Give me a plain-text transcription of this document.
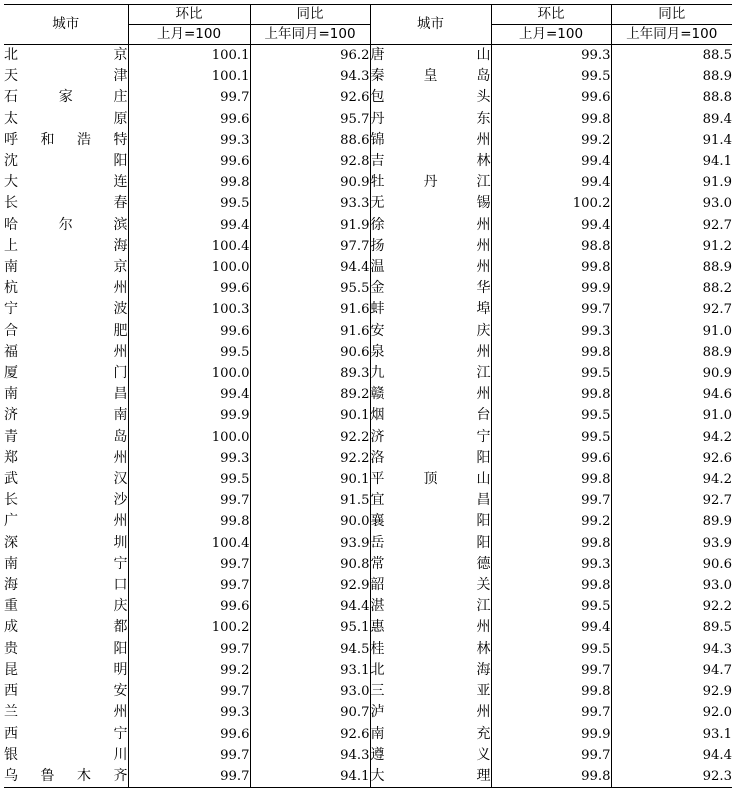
城市	环比	同比	城市	环比	同比
	上月=100	上年同月=100		上月=100	上年同月=100

北京	100.1	96.2	唐山	99.3	88.5

天津	100.1	94.3	秦皇岛	99.5	88.9

石家庄	99.7	92.6	包头	99.6	88.8

太原	99.6	95.7	丹东	99.8	89.4

呼和浩特	99.3	88.6	锦州	99.2	91.4

沈阳	99.6	92.8	吉林	99.4	94.1

大连	99.8	90.9	牡丹江	99.4	91.9

长春	99.5	93.3	无锡	100.2	93.0

哈尔滨	99.4	91.9	徐州	99.4	92.7

上海	100.4	97.7	扬州	98.8	91.2

南京	100.0	94.4	温州	99.8	88.9

杭州	99.6	95.5	金华	99.9	88.2

宁波	100.3	91.6	蚌埠	99.7	92.7

合肥	99.6	91.6	安庆	99.3	91.0

福州	99.5	90.6	泉州	99.8	88.9

厦门	100.0	89.3	九江	99.5	90.9

南昌	99.4	89.2	赣州	99.8	94.6

济南	99.9	90.1	烟台	99.5	91.0

青岛	100.0	92.2	济宁	99.5	94.2

郑州	99.3	92.2	洛阳	99.6	92.6

武汉	99.5	90.1	平顶山	99.8	94.2

长沙	99.7	91.5	宜昌	99.7	92.7

广州	99.8	90.0	襄阳	99.2	89.9

深圳	100.4	93.9	岳阳	99.8	93.9

南宁	99.7	90.8	常德	99.3	90.6

海口	99.7	92.9	韶关	99.8	93.0

重庆	99.6	94.4	湛江	99.5	92.2

成都	100.2	95.1	惠州	99.4	89.5

贵阳	99.7	94.5	桂林	99.5	94.3

昆明	99.2	93.1	北海	99.7	94.7

西安	99.7	93.0	三亚	99.8	92.9

兰州	99.3	90.7	泸州	99.7	92.0

西宁	99.6	92.6	南充	99.9	93.1

银川	99.7	94.3	遵义	99.7	94.4

乌鲁木齐	99.7	94.1	大理	99.8	92.3
